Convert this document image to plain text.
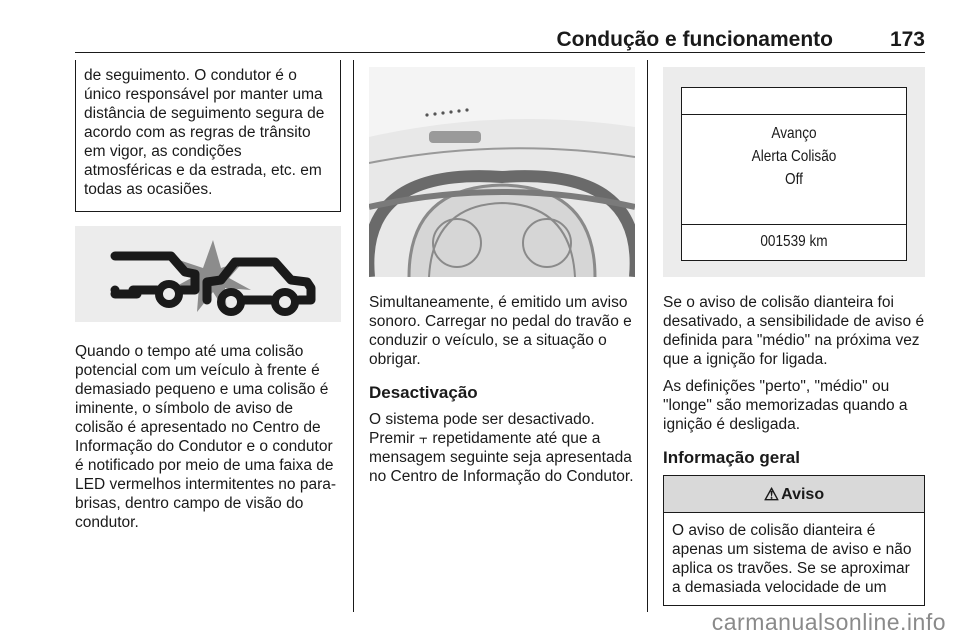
Condução e funcionamento	173
de seguimento. O condutor é o único responsável por manter uma distância de seguimento segura de acordo com as regras de trânsito em vigor, as condições atmosféricas e da estrada, etc. em todas as ocasiões.

Quando o tempo até uma colisão potencial com um veículo à frente é demasiado pequeno e uma colisão é iminente, o símbolo de aviso de colisão é apresentado no Centro de Informação do Condutor e o condutor é notificado por meio de uma faixa de LED vermelhos intermitentes no para-brisas, dentro campo de visão do condutor.

Simultaneamente, é emitido um aviso sonoro. Carregar no pedal do travão e conduzir o veículo, se a situação o obrigar.

Desactivação

O sistema pode ser desactivado. Premir ⫟ repetidamente até que a mensagem seguinte seja apresentada no Centro de Informação do Condutor.

Avanço
Alerta Colisão
Off
001539 km

Se o aviso de colisão dianteira foi desativado, a sensibilidade de aviso é definida para "médio" na próxima vez que a ignição for ligada.

As definições "perto", "médio" ou "longe" são memorizadas quando a ignição é desligada.

Informação geral
⚠ Aviso
O aviso de colisão dianteira é apenas um sistema de aviso e não aplica os travões. Se se aproximar a demasiada velocidade de um
carmanualsonline.info
